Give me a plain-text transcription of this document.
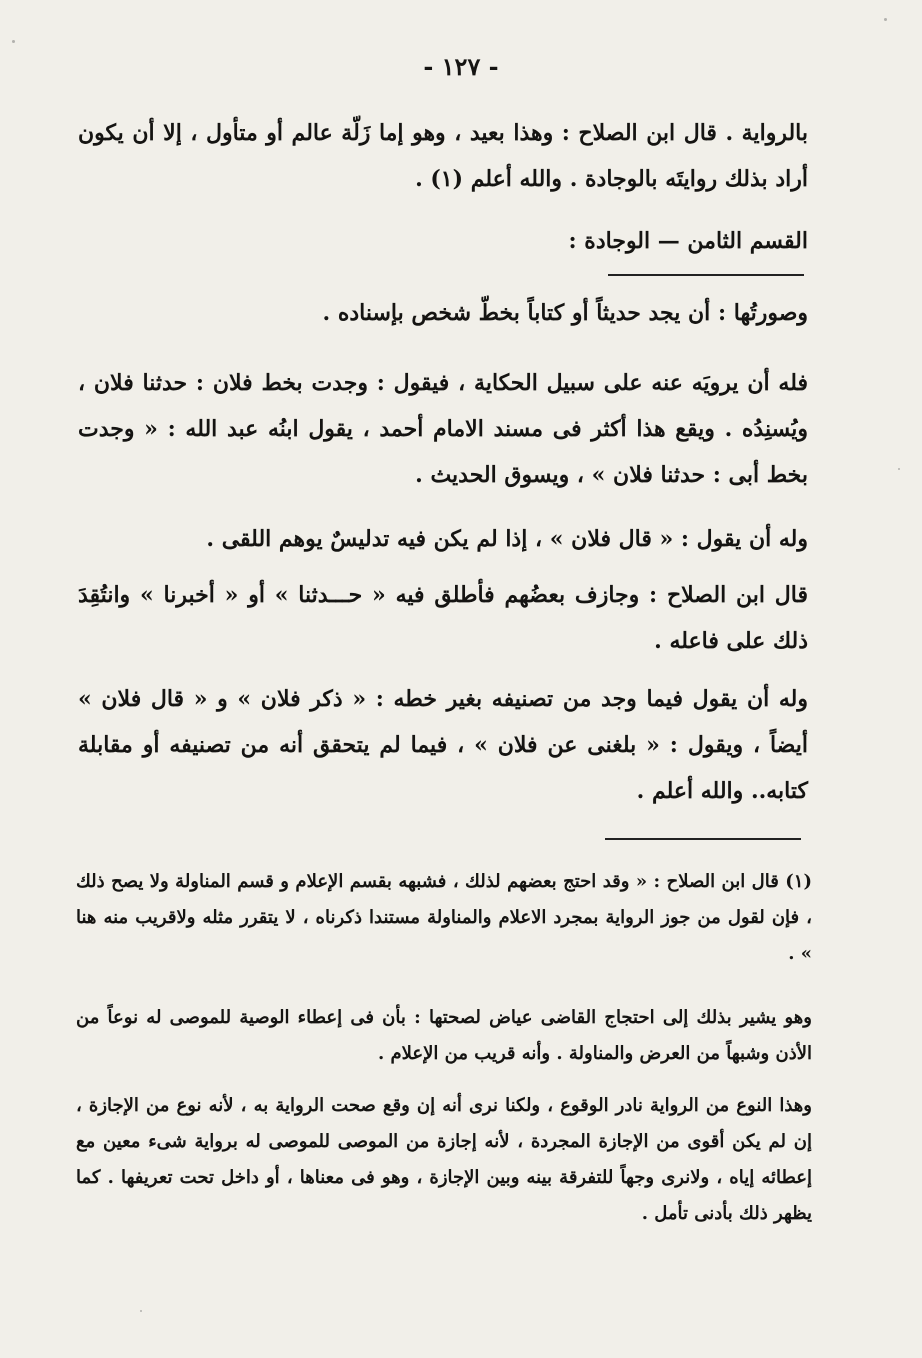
- ١٢٧ -
بالرواية . قال ابن الصلاح : وهذا بعيد ، وهو إما زَلّة عالم أو متأول ، إلا أن يكون أراد بذلك روايتَه بالوجادة . والله أعلم (١) .
القسم الثامن — الوجادة :
وصورتُها : أن يجد حديثاً أو كتاباً بخطّ شخص بإسناده .
فله أن يرويَه عنه على سبيل الحكاية ، فيقول : وجدت بخط فلان : حدثنا فلان ، ويُسنِدُه . ويقع هذا أكثر فى مسند الامام أحمد ، يقول ابنُه عبد الله : « وجدت بخط أبى : حدثنا فلان » ، ويسوق الحديث .
وله أن يقول : « قال فلان » ، إذا لم يكن فيه تدليسٌ يوهم اللقى .
قال ابن الصلاح : وجازف بعضُهم فأطلق فيه « حـــدثنا » أو « أخبرنا » وانتُقِدَ ذلك على فاعله .
وله أن يقول فيما وجد من تصنيفه بغير خطه : « ذكر فلان » و « قال فلان » أيضاً ، ويقول : « بلغنى عن فلان » ، فيما لم يتحقق أنه من تصنيفه أو مقابلة كتابه.. والله أعلم .
(١) قال ابن الصلاح : « وقد احتج بعضهم لذلك ، فشبهه بقسم الإعلام و قسم المناولة ولا يصح ذلك ، فإن لقول من جوز الرواية بمجرد الاعلام والمناولة مستندا ذكرناه ، لا يتقرر مثله ولاقريب منه هنا » .
وهو يشير بذلك إلى احتجاج القاضى عياض لصحتها : بأن فى إعطاء الوصية للموصى له نوعاً من الأذن وشبهاً من العرض والمناولة . وأنه قريب من الإعلام .
وهذا النوع من الرواية نادر الوقوع ، ولكنا نرى أنه إن وقع صحت الرواية به ، لأنه نوع من الإجازة ، إن لم يكن أقوى من الإجازة المجردة ، لأنه إجازة من الموصى للموصى له برواية شىء معين مع إعطائه إياه ، ولانرى وجهاً للتفرقة بينه وبين الإجازة ، وهو فى معناها ، أو داخل تحت تعريفها . كما يظهر ذلك بأدنى تأمل .
